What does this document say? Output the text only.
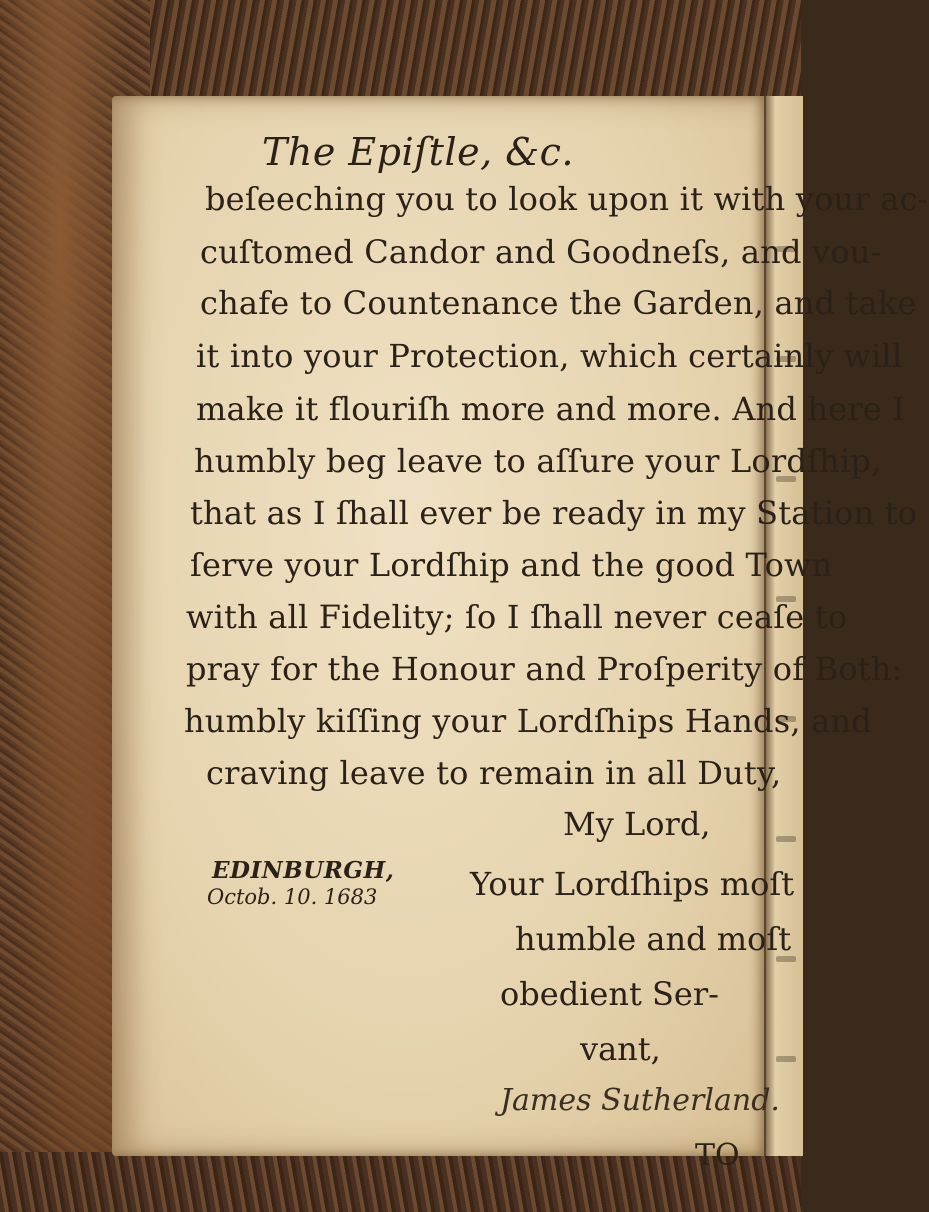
The Epiſtle, &c.
beſeeching you to look upon it with your ac-
cuſtomed Candor and Goodneſs, and vou-
chafe to Countenance the Garden, and take
it into your Protection, which certainly will
make it flouriſh more and more. And here I
humbly beg leave to aſſure your Lordſhip,
that as I ſhall ever be ready in my Station to
ſerve your Lordſhip and the good Town
with all Fidelity; ſo I ſhall never ceaſe to
pray for the Honour and Proſperity of Both:
humbly kiſſing your Lordſhips Hands, and
craving leave to remain in all Duty,
My Lord,
EDINBURGH,
Octob. 10. 1683	Your Lordſhips moſt
humble and moſt
obedient Ser-
vant,
James Sutherland.
TO
